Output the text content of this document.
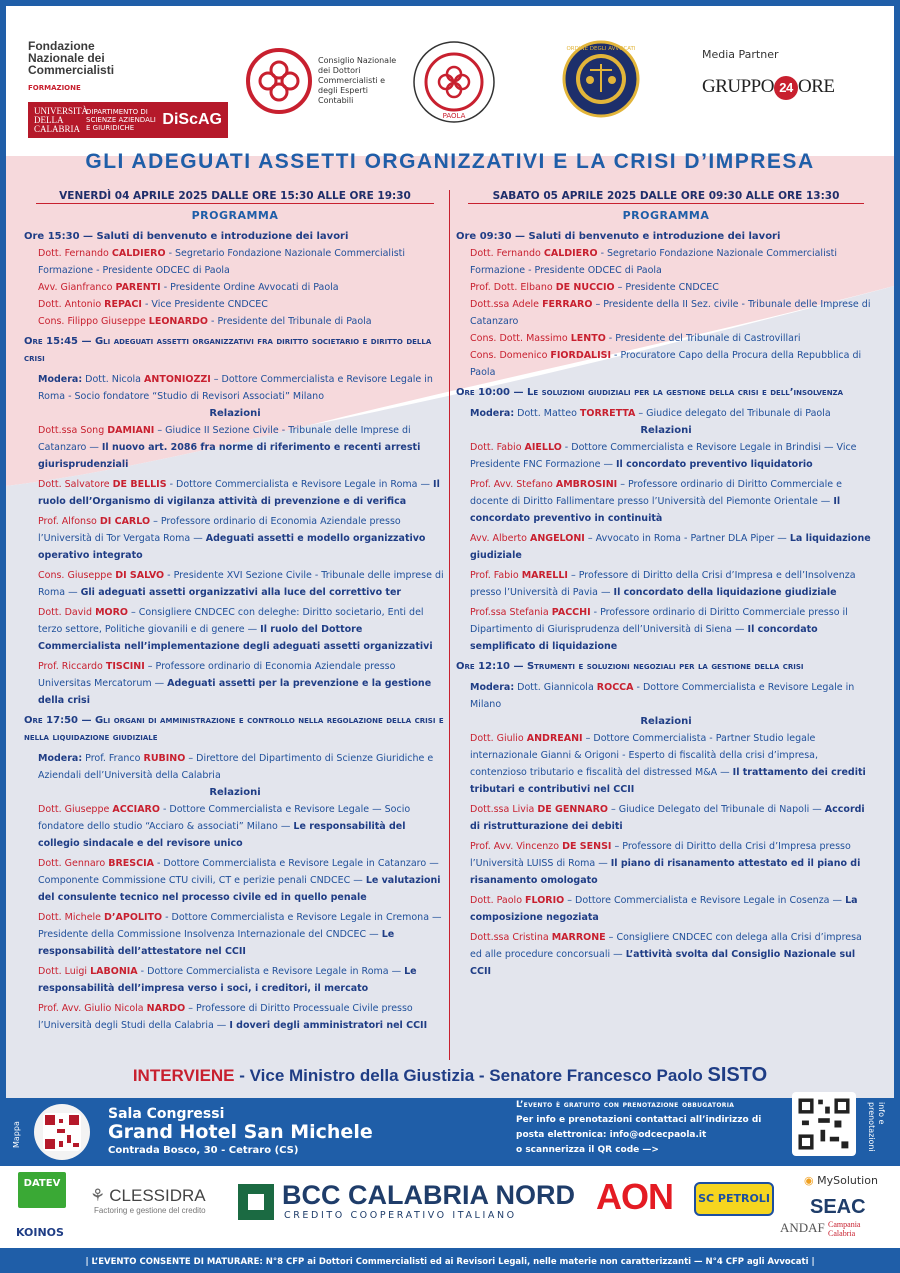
Fondazione
Nazionale dei
Commercialisti
FORMAZIONE
UNIVERSITÀ DELLA CALABRIA
DIPARTIMENTO DI SCIENZE AZIENDALI E GIURIDICHE	DiScAG
Consiglio Nazionale dei Dottori Commercialisti e degli Esperti Contabili
PAOLA
ORDINE DEGLI AVVOCATI	Media Partner
GRUPPO 24 ORE
GLI ADEGUATI ASSETTI ORGANIZZATIVI E LA CRISI D’IMPRESA
VENERDÌ 04 APRILE 2025 DALLE ORE 15:30 ALLE ORE 19:30
PROGRAMMA
Ore 15:30 — Saluti di benvenuto e introduzione dei lavori
Dott. Fernando CALDIERO - Segretario Fondazione Nazionale Commercialisti Formazione - Presidente ODCEC di Paola
Avv. Gianfranco PARENTI - Presidente Ordine Avvocati di Paola
Dott. Antonio REPACI - Vice Presidente CNDCEC
Cons. Filippo Giuseppe LEONARDO - Presidente del Tribunale di Paola
Ore 15:45 — Gli adeguati assetti organizzativi fra diritto societario e diritto della crisi
Modera: Dott. Nicola ANTONIOZZI – Dottore Commercialista e Revisore Legale in Roma - Socio fondatore “Studio di Revisori Associati” Milano
Relazioni
Dott.ssa Song DAMIANI – Giudice II Sezione Civile - Tribunale delle Imprese di Catanzaro — Il nuovo art. 2086 fra norme di riferimento e recenti arresti giurisprudenziali
Dott. Salvatore DE BELLIS - Dottore Commercialista e Revisore Legale in Roma — Il ruolo dell’Organismo di vigilanza attività di prevenzione e di verifica
Prof. Alfonso DI CARLO – Professore ordinario di Economia Aziendale presso l’Università di Tor Vergata Roma — Adeguati assetti e modello organizzativo operativo integrato
Cons. Giuseppe DI SALVO - Presidente XVI Sezione Civile - Tribunale delle imprese di Roma — Gli adeguati assetti organizzativi alla luce del correttivo ter
Dott. David MORO – Consigliere CNDCEC con deleghe: Diritto societario, Enti del terzo settore, Politiche giovanili e di genere — Il ruolo del Dottore Commercialista nell’implementazione degli adeguati assetti organizzativi
Prof. Riccardo TISCINI – Professore ordinario di Economia Aziendale presso Universitas Mercatorum — Adeguati assetti per la prevenzione e la gestione della crisi
Ore 17:50 — Gli organi di amministrazione e controllo nella regolazione della crisi e nella liquidazione giudiziale
Modera: Prof. Franco RUBINO – Direttore del Dipartimento di Scienze Giuridiche e Aziendali dell’Università della Calabria
Relazioni
Dott. Giuseppe ACCIARO - Dottore Commercialista e Revisore Legale — Socio fondatore dello studio “Acciaro & associati” Milano — Le responsabilità del collegio sindacale e del revisore unico
Dott. Gennaro BRESCIA - Dottore Commercialista e Revisore Legale in Catanzaro — Componente Commissione CTU civili, CT e perizie penali CNDCEC — Le valutazioni del consulente tecnico nel processo civile ed in quello penale
Dott. Michele D’APOLITO - Dottore Commercialista e Revisore Legale in Cremona — Presidente della Commissione Insolvenza Internazionale del CNDCEC — Le responsabilità dell’attestatore nel CCII
Dott. Luigi LABONIA - Dottore Commercialista e Revisore Legale in Roma — Le responsabilità dell’impresa verso i soci, i creditori, il mercato
Prof. Avv. Giulio Nicola NARDO – Professore di Diritto Processuale Civile presso l’Università degli Studi della Calabria — I doveri degli amministratori nel CCII
SABATO 05 APRILE 2025 DALLE ORE 09:30 ALLE ORE 13:30
PROGRAMMA
Ore 09:30 — Saluti di benvenuto e introduzione dei lavori
Dott. Fernando CALDIERO - Segretario Fondazione Nazionale Commercialisti Formazione - Presidente ODCEC di Paola
Prof. Dott. Elbano DE NUCCIO – Presidente CNDCEC
Dott.ssa Adele FERRARO – Presidente della II Sez. civile - Tribunale delle Imprese di Catanzaro
Cons. Dott. Massimo LENTO - Presidente del Tribunale di Castrovillari
Cons. Domenico FIORDALISI - Procuratore Capo della Procura della Repubblica di Paola
Ore 10:00 — Le soluzioni giudiziali per la gestione della crisi e dell’insolvenza
Modera: Dott. Matteo TORRETTA – Giudice delegato del Tribunale di Paola
Relazioni
Dott. Fabio AIELLO - Dottore Commercialista e Revisore Legale in Brindisi — Vice Presidente FNC Formazione — Il concordato preventivo liquidatorio
Prof. Avv. Stefano AMBROSINI – Professore ordinario di Diritto Commerciale e docente di Diritto Fallimentare presso l’Università del Piemonte Orientale — Il concordato preventivo in continuità
Avv. Alberto ANGELONI – Avvocato in Roma - Partner DLA Piper — La liquidazione giudiziale
Prof. Fabio MARELLI – Professore di Diritto della Crisi d’Impresa e dell’Insolvenza presso l’Università di Pavia — Il concordato della liquidazione giudiziale
Prof.ssa Stefania PACCHI - Professore ordinario di Diritto Commerciale presso il Dipartimento di Giurisprudenza dell’Università di Siena — Il concordato semplificato di liquidazione
Ore 12:10 — Strumenti e soluzioni negoziali per la gestione della crisi
Modera: Dott. Giannicola ROCCA - Dottore Commercialista e Revisore Legale in Milano
Relazioni
Dott. Giulio ANDREANI – Dottore Commercialista - Partner Studio legale internazionale Gianni & Origoni - Esperto di fiscalità della crisi d’impresa, contenzioso tributario e fiscalità del distressed M&A — Il trattamento dei crediti tributari e contributivi nel CCII
Dott.ssa Livia DE GENNARO – Giudice Delegato del Tribunale di Napoli — Accordi di ristrutturazione dei debiti
Prof. Avv. Vincenzo DE SENSI – Professore di Diritto della Crisi d’Impresa presso l’Università LUISS di Roma — Il piano di risanamento attestato ed il piano di risanamento omologato
Dott. Paolo FLORIO – Dottore Commercialista e Revisore Legale in Cosenza — La composizione negoziata
Dott.ssa Cristina MARRONE – Consigliere CNDCEC con delega alla Crisi d’impresa ed alle procedure concorsuali — L’attività svolta dal Consiglio Nazionale sul CCII
INTERVIENE - Vice Ministro della Giustizia - Senatore Francesco Paolo SISTO
Mappa
Sala Congressi
Grand Hotel San Michele
Contrada Bosco, 30 - Cetraro (CS)
L’evento è gratuito con prenotazione obbugatoria
Per info e prenotazioni contattaci all’indirizzo di
posta elettronica: info@odcecpaola.it
o scannerizza il QR code —>
info e prenotazioni
DATEV
KOINOS
⚘ CLESSIDRA
Factoring e gestione del credito
BCC CALABRIA NORD
CREDITO COOPERATIVO ITALIANO AON	SC PETROLI
◉ MySolution
SEAC
ANDAF Campania Calabria
| L’EVENTO CONSENTE DI MATURARE: N°8 CFP ai Dottori Commercialisti ed ai Revisori Legali, nelle materie non caratterizzanti — N°4 CFP agli Avvocati |
